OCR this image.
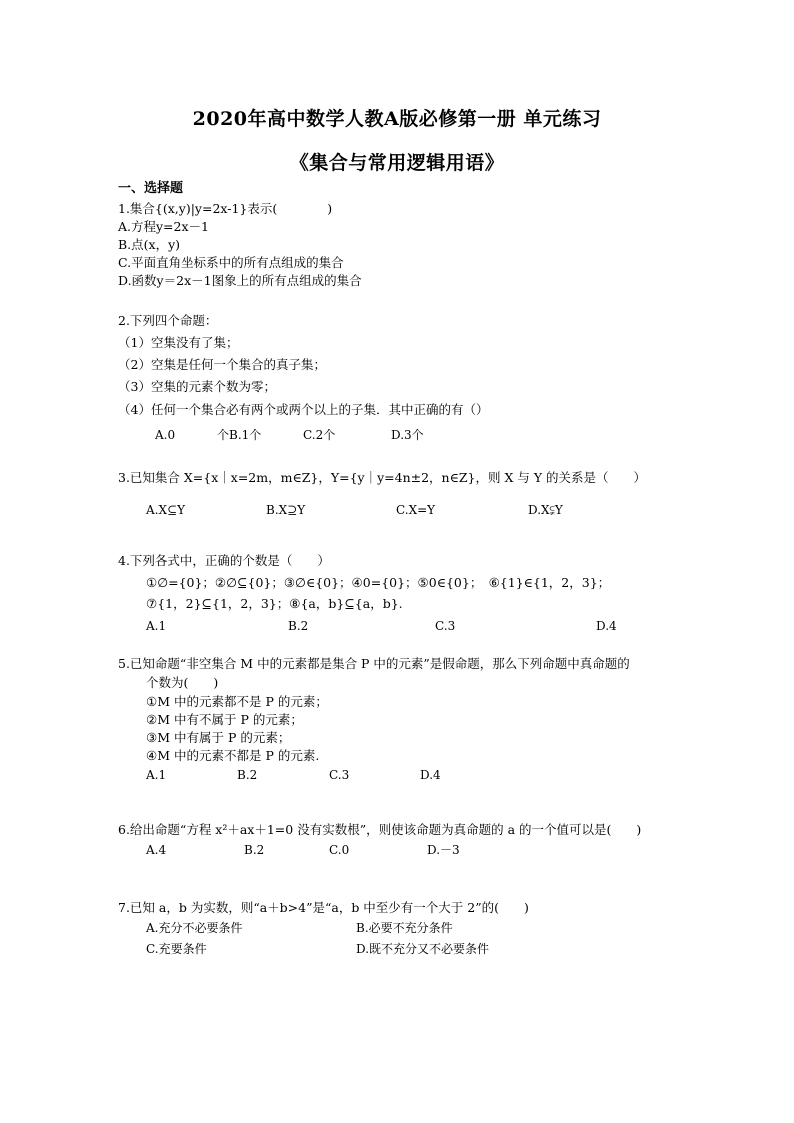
2020年高中数学人教A版必修第一册 单元练习
《集合与常用逻辑用语》
一、选择题
1.集合{(x,y)|y=2x-1}表示(　　　　)
A.方程y=2x－1
B.点(x，y)
C.平面直角坐标系中的所有点组成的集合
D.函数y＝2x－1图象上的所有点组成的集合
2.下列四个命题：
（1）空集没有了集；
（2）空集是任何一个集合的真子集；
（3）空集的元素个数为零；
（4）任何一个集合必有两个或两个以上的子集．其中正确的有（）
A.0	个B.1个	C.2个	D.3个
3.已知集合 X={x｜x=2m，m∈Z}，Y={y｜y=4n±2，n∈Z}，则 X 与 Y 的关系是（　　）
A.X⊆Y	B.X⊇Y	C.X=Y	D.X⫋Y
4.下列各式中，正确的个数是（　　）
①∅={0}；②∅⊆{0}；③∅∈{0}；④0={0}；⑤0∈{0}；　⑥{1}∈{1，2，3}；
⑦{1，2}⊆{1，2，3}；⑧{a，b}⊆{a，b}.
A.1	B.2	C.3	D.4
5.已知命题“非空集合 M 中的元素都是集合 P 中的元素”是假命题，那么下列命题中真命题的
个数为(　　)
①M 中的元素都不是 P 的元素；
②M 中有不属于 P 的元素；
③M 中有属于 P 的元素；
④M 中的元素不都是 P 的元素.
A.1	B.2	C.3	D.4
6.给出命题“方程 x²＋ax＋1=0 没有实数根”，则使该命题为真命题的 a 的一个值可以是(　　)
A.4	B.2	C.0	D.－3
7.已知 a，b 为实数，则“a＋b>4”是“a，b 中至少有一个大于 2”的(　　)
A.充分不必要条件	B.必要不充分条件
C.充要条件	D.既不充分又不必要条件
